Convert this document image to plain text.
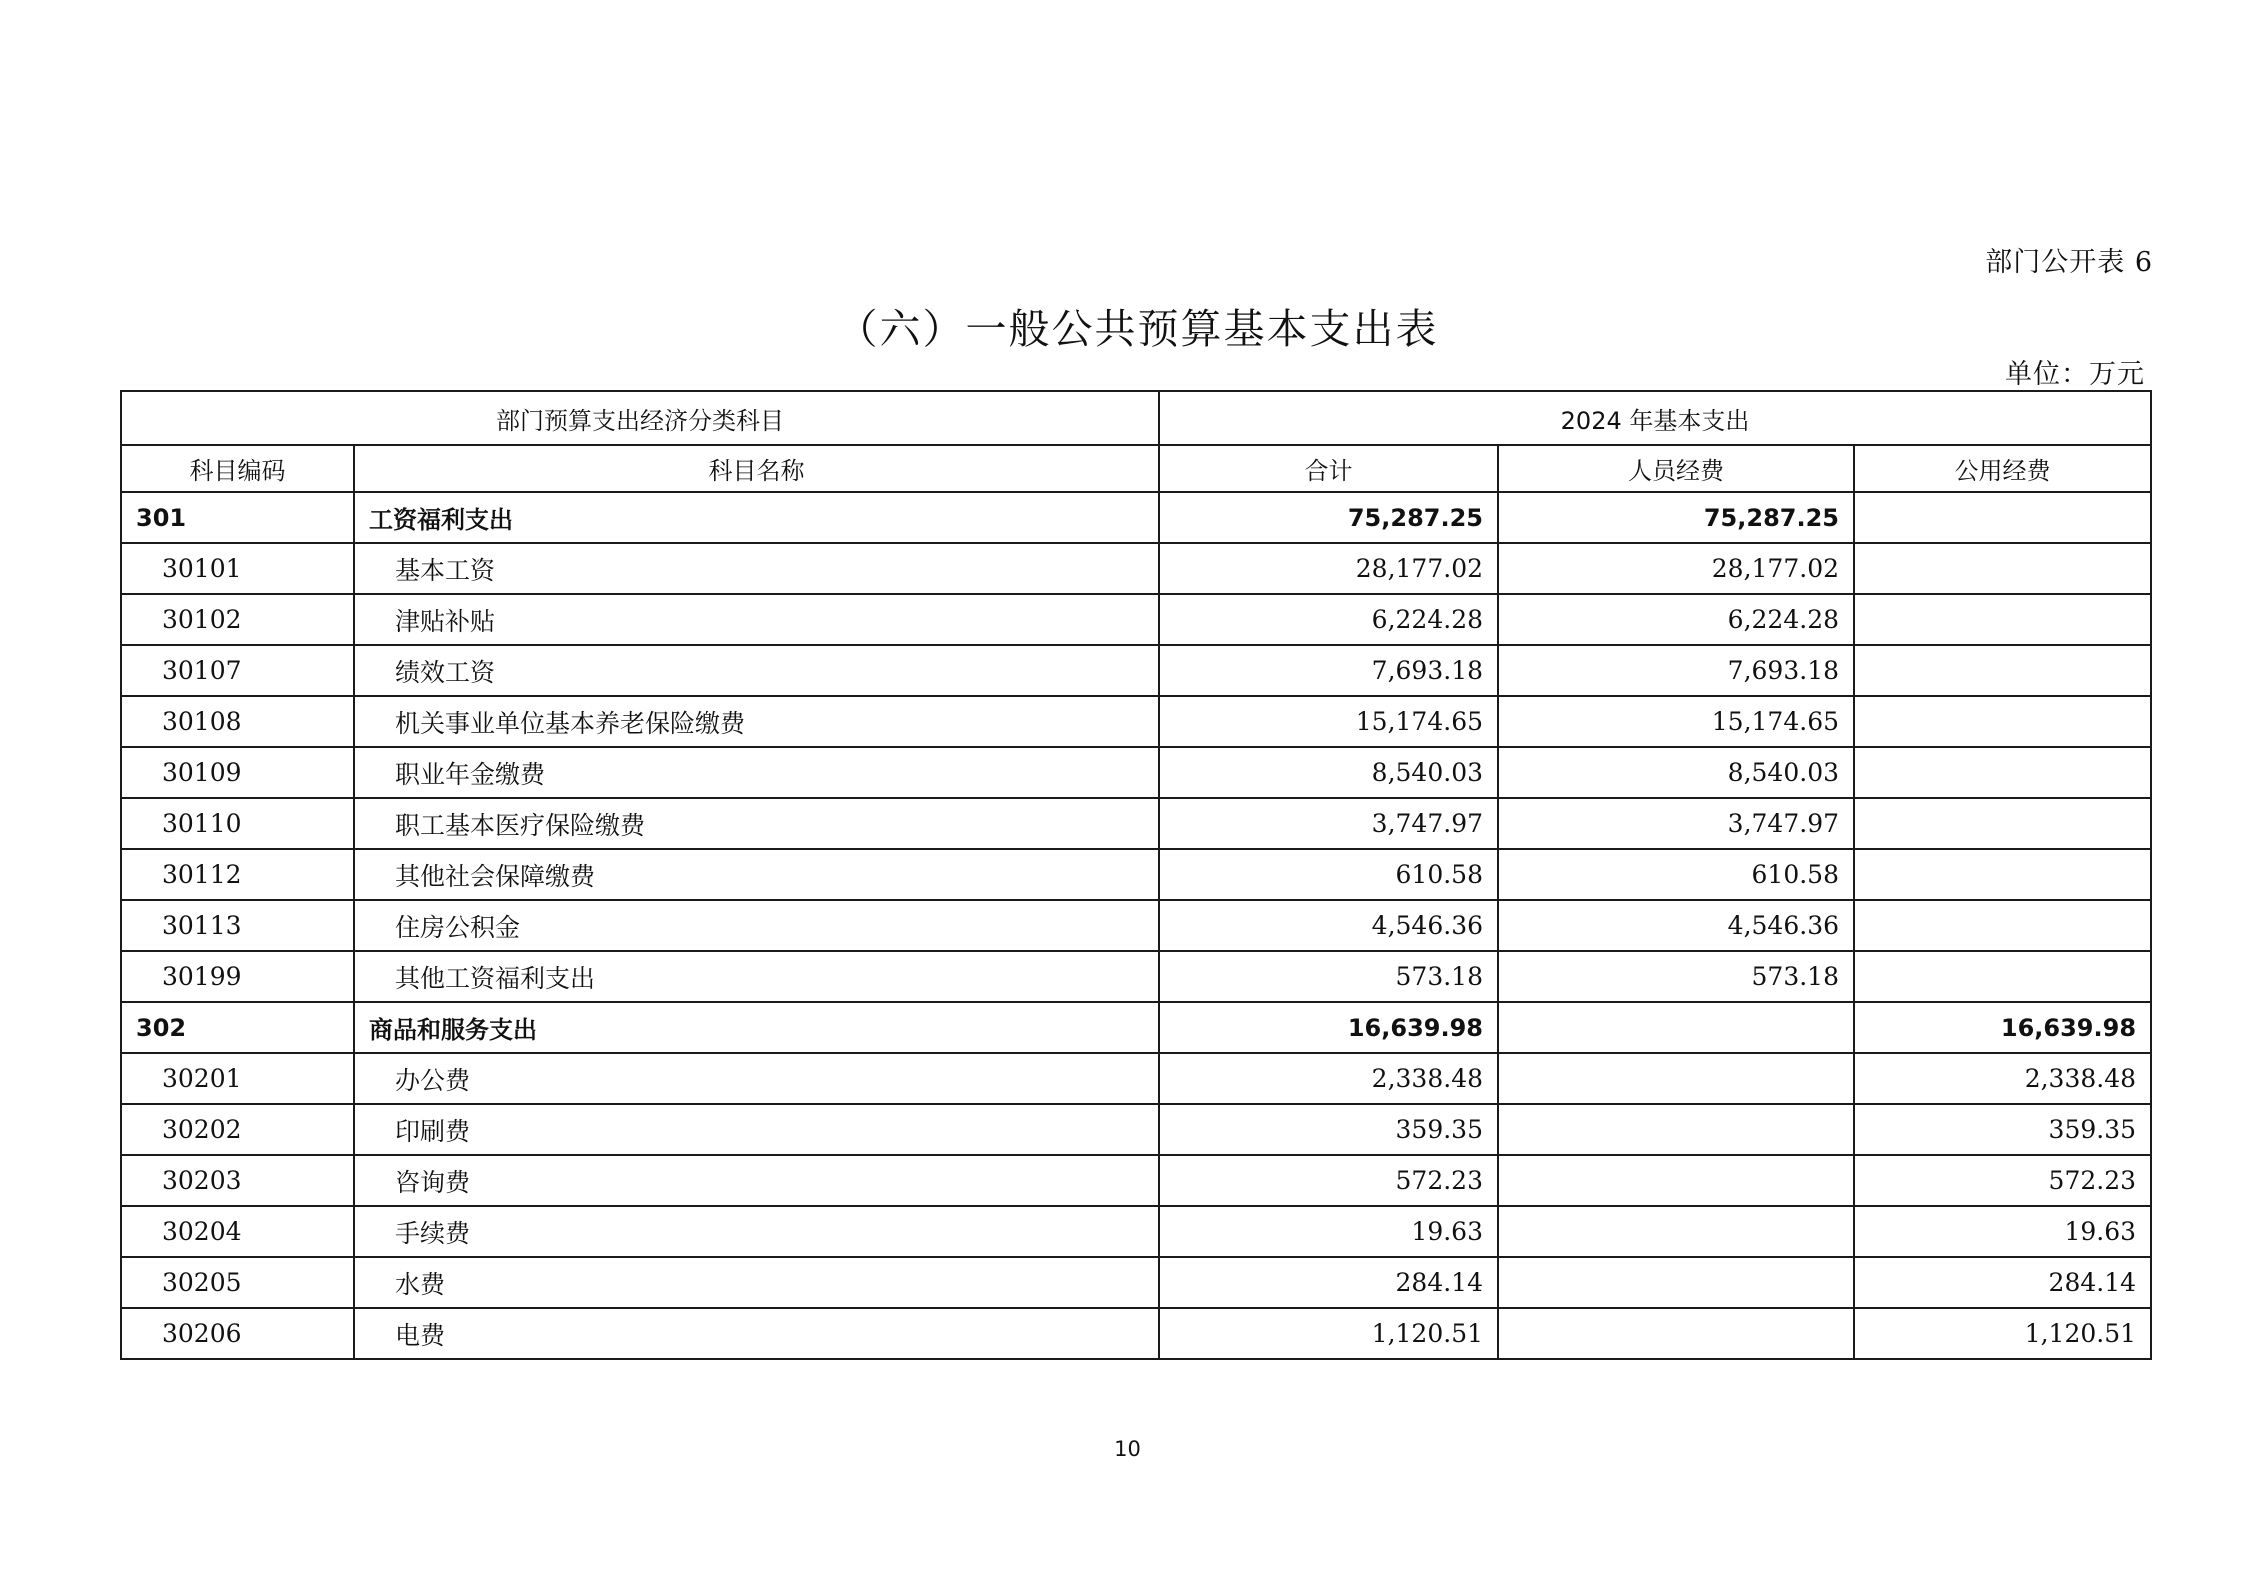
部门公开表 6
（六）一般公共预算基本支出表
单位：万元
部门预算支出经济分类科目		2024 年基本支出		
科目编码	科目名称	合计	人员经费	公用经费
301	工资福利支出	75,287.25	75,287.25	
30101	基本工资	28,177.02	28,177.02	
30102	津贴补贴	6,224.28	6,224.28	
30107	绩效工资	7,693.18	7,693.18	
30108	机关事业单位基本养老保险缴费	15,174.65	15,174.65	
30109	职业年金缴费	8,540.03	8,540.03	
30110	职工基本医疗保险缴费	3,747.97	3,747.97	
30112	其他社会保障缴费	610.58	610.58	
30113	住房公积金	4,546.36	4,546.36	
30199	其他工资福利支出	573.18	573.18	
302	商品和服务支出	16,639.98		16,639.98
30201	办公费	2,338.48		2,338.48
30202	印刷费	359.35		359.35
30203	咨询费	572.23		572.23
30204	手续费	19.63		19.63
30205	水费	284.14		284.14
30206	电费	1,120.51		1,120.51
10
